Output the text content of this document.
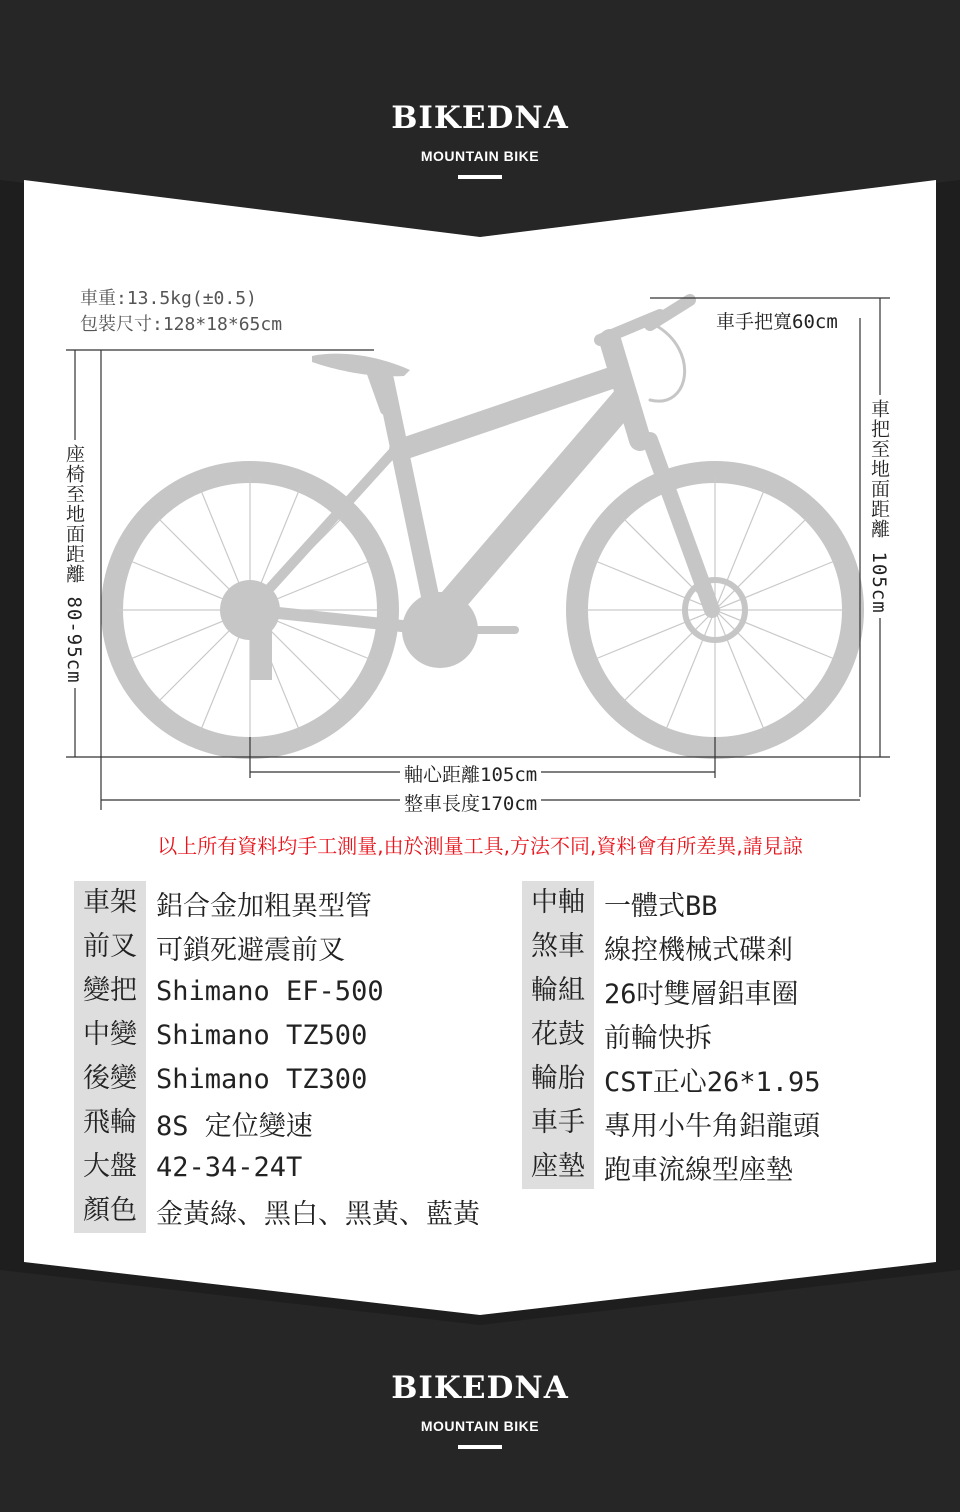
BIKEDNA
MOUNTAIN BIKE
車重:13.5kg(±0.5)
包裝尺寸:128*18*65cm	車手把寬60cm
車把至地面距離 105cm
座椅至地面距離 80-95cm
軸心距離105cm
整車長度170cm
以上所有資料均手工測量,由於測量工具,方法不同,資料會有所差異,請見諒
車架 鋁合金加粗異型管
前叉 可鎖死避震前叉
變把 Shimano EF-500
中變 Shimano TZ500
後變 Shimano TZ300
飛輪 8S 定位變速
大盤 42-34-24T
顏色 金黃綠、黑白、黑黃、藍黃
中軸 一體式BB
煞車 線控機械式碟剎
輪組 26吋雙層鋁車圈
花鼓 前輪快拆
輪胎 CST正心26*1.95
車手 專用小牛角鋁龍頭
座墊 跑車流線型座墊
BIKEDNA
MOUNTAIN BIKE
